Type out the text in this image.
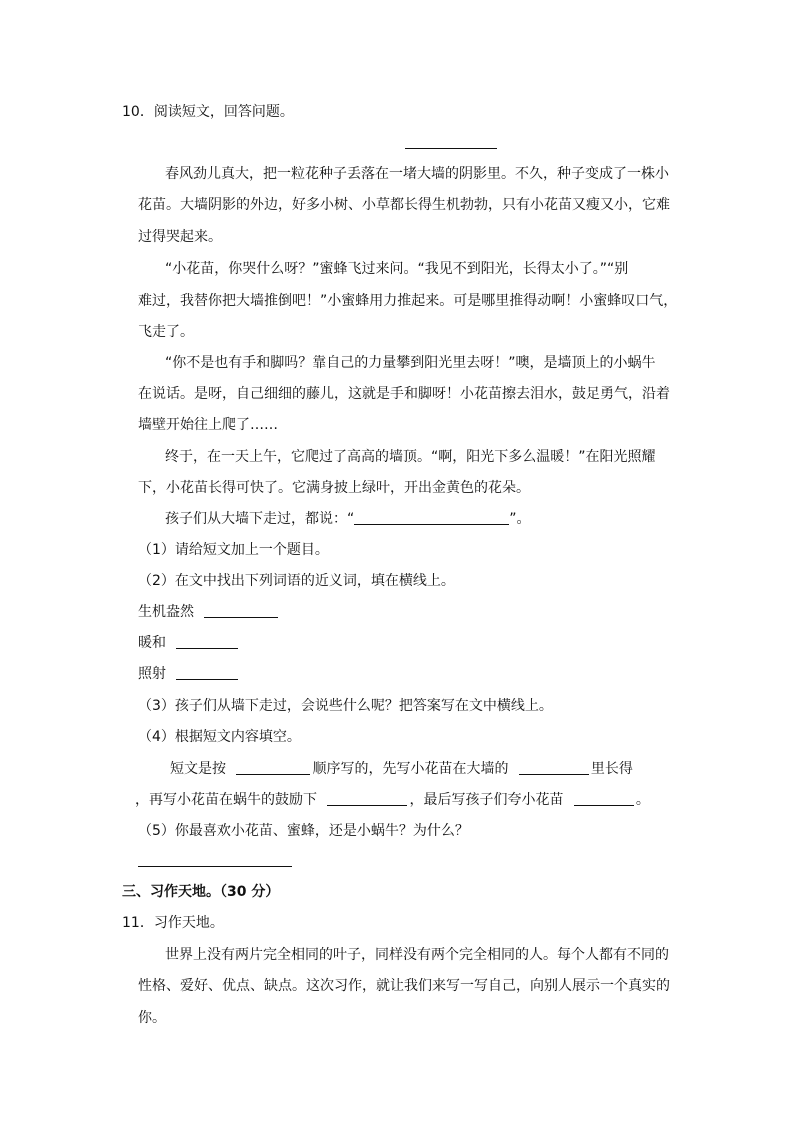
10．阅读短文，回答问题。
春风劲儿真大，把一粒花种子丢落在一堵大墙的阴影里。不久，种子变成了一株小
花苗。大墙阴影的外边，好多小树、小草都长得生机勃勃，只有小花苗又瘦又小，它难
过得哭起来。
“小花苗，你哭什么呀？”蜜蜂飞过来问。“我见不到阳光，长得太小了。”“别
难过，我替你把大墙推倒吧！”小蜜蜂用力推起来。可是哪里推得动啊！小蜜蜂叹口气，
飞走了。
“你不是也有手和脚吗？靠自己的力量攀到阳光里去呀！”噢，是墙顶上的小蜗牛
在说话。是呀，自己细细的藤儿，这就是手和脚呀！小花苗擦去泪水，鼓足勇气，沿着
墙壁开始往上爬了……
终于，在一天上午，它爬过了高高的墙顶。“啊，阳光下多么温暖！”在阳光照耀
下，小花苗长得可快了。它满身披上绿叶，开出金黄色的花朵。
孩子们从大墙下走过，都说：“	”。
（1）请给短文加上一个题目。
（2）在文中找出下列词语的近义词，填在横线上。
生机盎然
暖和
照射
（3）孩子们从墙下走过，会说些什么呢？把答案写在文中横线上。
（4）根据短文内容填空。
短文是按	顺序写的，先写小花苗在大墙的	里长得
，再写小花苗在蜗牛的鼓励下	，最后写孩子们夸小花苗	。
（5）你最喜欢小花苗、蜜蜂，还是小蜗牛？为什么？
三、习作天地。（30 分）
11．习作天地。
世界上没有两片完全相同的叶子，同样没有两个完全相同的人。每个人都有不同的
性格、爱好、优点、缺点。这次习作，就让我们来写一写自己，向别人展示一个真实的
你。
